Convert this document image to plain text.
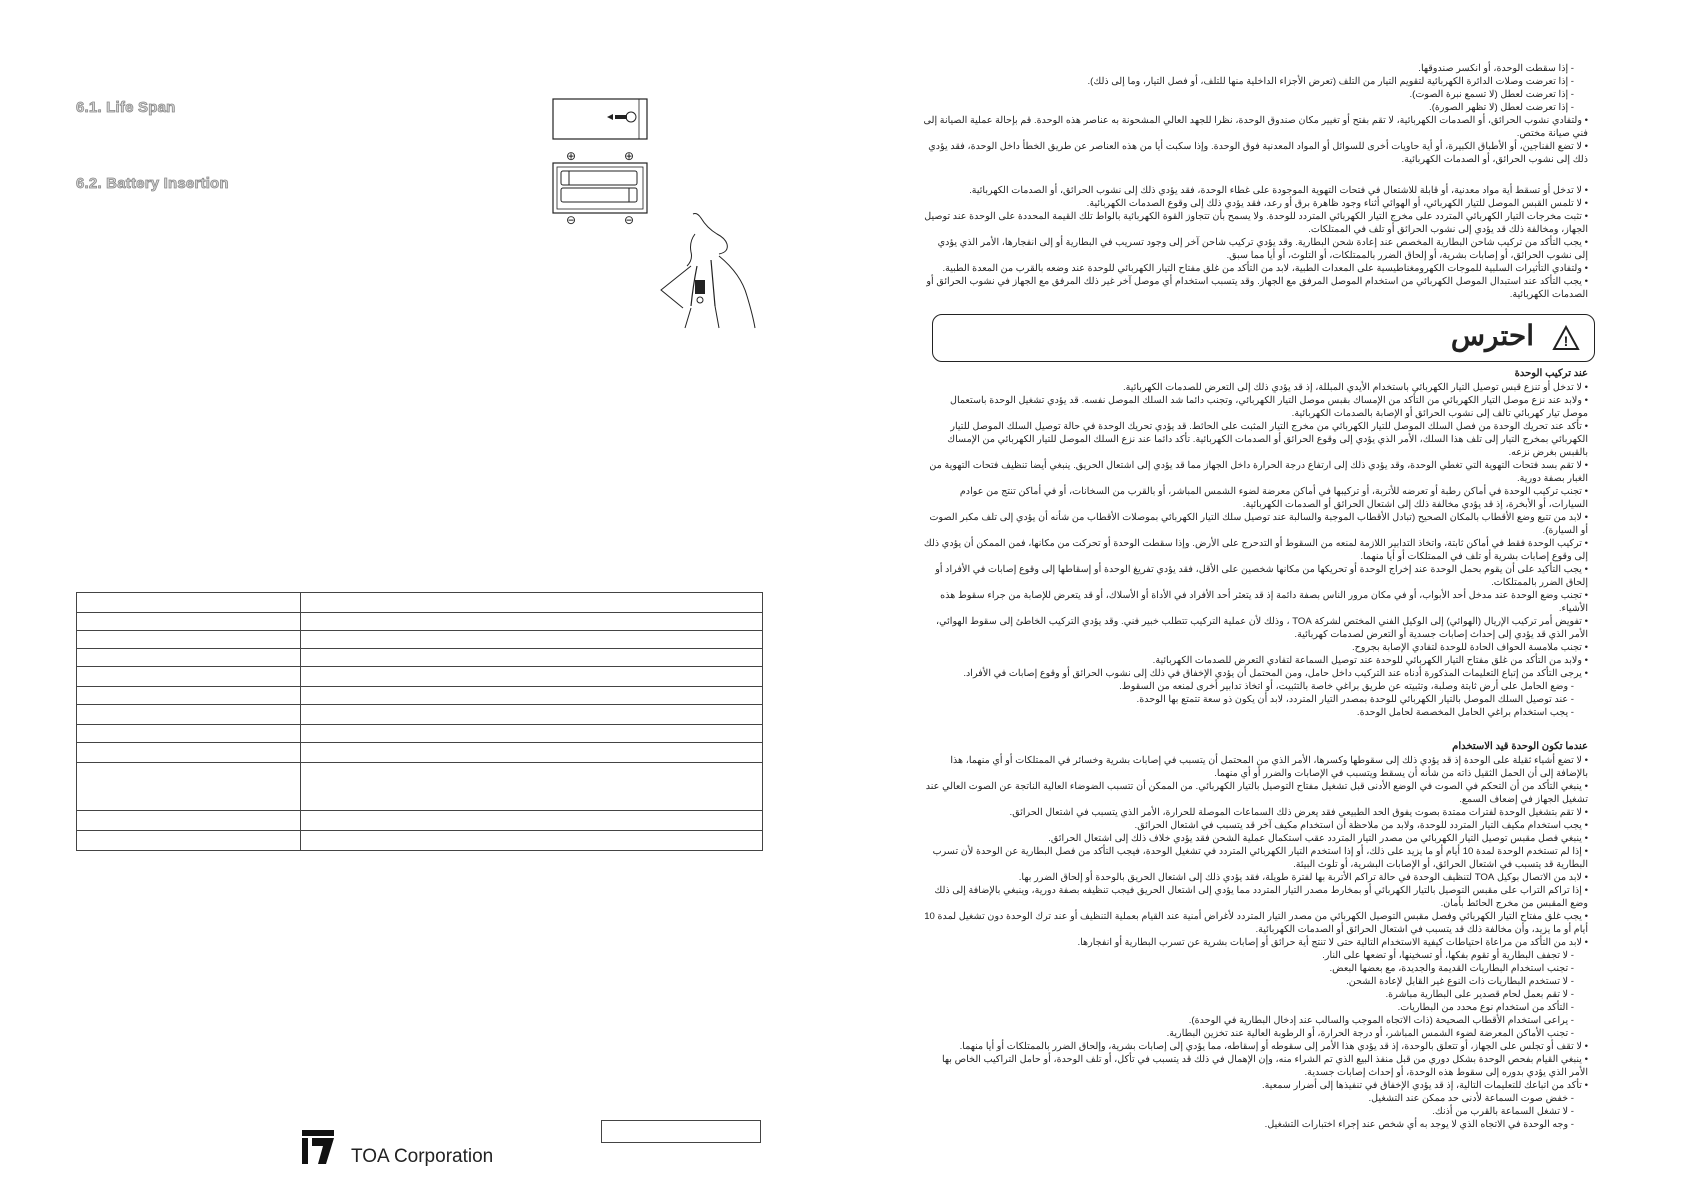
6.1. Life Span
6.2. Battery Insertion
⊕	⊕
⊖	⊖

TOA Corporation
- إذا سقطت الوحدة، أو انكسر صندوقها.
- إذا تعرضت وصلات الدائرة الكهربائية لتقويم التيار من التلف (تعرض الأجزاء الداخلية منها للتلف، أو فصل التيار، وما إلى ذلك).
- إذا تعرضت لعطل (لا تسمع نبرة الصوت).
- إذا تعرضت لعطل (لا تظهر الصورة).
• ولتفادي نشوب الحرائق، أو الصدمات الكهربائية، لا تقم بفتح أو تغيير مكان صندوق الوحدة، نظرا للجهد العالي المشحونة به عناصر هذه الوحدة. قم بإحالة عملية الصيانة إلى فني صيانة مختص.
• لا تضع الفناجين، أو الأطباق الكبيرة، أو أية حاويات أخرى للسوائل أو المواد المعدنية فوق الوحدة. وإذا سكبت أيا من هذه العناصر عن طريق الخطأ داخل الوحدة، فقد يؤدي ذلك إلى نشوب الحرائق، أو الصدمات الكهربائية.
• لا تدخل أو تسقط أية مواد معدنية، أو قابلة للاشتعال في فتحات التهوية الموجودة على غطاء الوحدة، فقد يؤدي ذلك إلى نشوب الحرائق، أو الصدمات الكهربائية.
• لا تلمس القبس الموصل للتيار الكهربائي، أو الهوائي أثناء وجود ظاهرة برق أو رعد، فقد يؤدي ذلك إلى وقوع الصدمات الكهربائية.
• تثبت مخرجات التيار الكهربائي المتردد على مخرج التيار الكهربائي المتردد للوحدة. ولا يسمح بأن تتجاوز القوة الكهربائية بالواط تلك القيمة المحددة على الوحدة عند توصيل الجهاز، ومخالفة ذلك قد يؤدي إلى نشوب الحرائق أو تلف في الممتلكات.
• يجب التأكد من تركيب شاحن البطارية المخصص عند إعادة شحن البطارية. وقد يؤدي تركيب شاحن آخر إلى وجود تسريب في البطارية أو إلى انفجارها، الأمر الذي يؤدي إلى نشوب الحرائق، أو إصابات بشرية، أو إلحاق الضرر بالممتلكات، أو التلوث، أو أيا مما سبق.
• ولتفادي التأثيرات السلبية للموجات الكهرومغناطيسية على المعدات الطبية، لابد من التأكد من غلق مفتاح التيار الكهربائي للوحدة عند وضعه بالقرب من المعدة الطبية.
• يجب التأكد عند استبدال الموصل الكهربائي من استخدام الموصل المرفق مع الجهاز. وقد يتسبب استخدام أي موصل آخر غير ذلك المرفق مع الجهاز في نشوب الحرائق أو الصدمات الكهربائية.
احترس !
عند تركيب الوحدة
• لا تدخل أو تنزع قبس توصيل التيار الكهربائي باستخدام الأيدي المبللة، إذ قد يؤدي ذلك إلى التعرض للصدمات الكهربائية.
• ولابد عند نزع موصل التيار الكهربائي من التأكد من الإمساك بقبس موصل التيار الكهربائي، وتجنب دائما شد السلك الموصل نفسه. قد يؤدي تشغيل الوحدة باستعمال موصل تيار كهربائي تالف إلى نشوب الحرائق أو الإصابة بالصدمات الكهربائية.
• تأكد عند تحريك الوحدة من فصل السلك الموصل للتيار الكهربائي من مخرج التيار المثبت على الحائط. قد يؤدي تحريك الوحدة في حالة توصيل السلك الموصل للتيار الكهربائي بمخرج التيار إلى تلف هذا السلك، الأمر الذي يؤدي إلى وقوع الحرائق أو الصدمات الكهربائية. تأكد دائما عند نزع السلك الموصل للتيار الكهربائي من الإمساك بالقبس بغرض نزعه.
• لا تقم بسد فتحات التهوية التي تغطي الوحدة، وقد يؤدي ذلك إلى ارتفاع درجة الحرارة داخل الجهاز مما قد يؤدي إلى اشتعال الحريق. ينبغي أيضا تنظيف فتحات التهوية من الغبار بصفة دورية.
• تجنب تركيب الوحدة في أماكن رطبة أو تعرضه للأتربة، أو تركيبها في أماكن معرضة لضوء الشمس المباشر، أو بالقرب من السخانات، أو في أماكن تنتج من عوادم السيارات، أو الأبخرة، إذ قد يؤدي مخالفة ذلك إلى اشتعال الحرائق أو الصدمات الكهربائية.
• لابد من تتبع وضع الأقطاب بالمكان الصحيح (تبادل الأقطاب الموجبة والسالبة عند توصيل سلك التيار الكهربائي بموصلات الأقطاب من شأنه أن يؤدي إلى تلف مكبر الصوت أو السيارة).
• تركيب الوحدة فقط في أماكن ثابتة، واتخاذ التدابير اللازمة لمنعه من السقوط أو التدحرج على الأرض. وإذا سقطت الوحدة أو تحركت من مكانها، فمن الممكن أن يؤدي ذلك إلى وقوع إصابات بشرية أو تلف في الممتلكات أو أيا منهما.
• يجب التأكيد على أن يقوم بحمل الوحدة عند إخراج الوحدة أو تحريكها من مكانها شخصين على الأقل، فقد يؤدي تفريغ الوحدة أو إسقاطها إلى وقوع إصابات في الأفراد أو إلحاق الضرر بالممتلكات.
• تجنب وضع الوحدة عند مدخل أحد الأبواب، أو في مكان مرور الناس بصفة دائمة إذ قد يتعثر أحد الأفراد في الأداة أو الأسلاك، أو قد يتعرض للإصابة من جراء سقوط هذه الأشياء.
• تفويض أمر تركيب الإريال (الهوائي) إلى الوكيل الفني المختص لشركة TOA ، وذلك لأن عملية التركيب تتطلب خبير فني. وقد يؤدي التركيب الخاطئ إلى سقوط الهوائي، الأمر الذي قد يؤدي إلى إحداث إصابات جسدية أو التعرض لصدمات كهربائية.
• تجنب ملامسة الحواف الحادة للوحدة لتفادي الإصابة بجروح.
• ولابد من التأكد من غلق مفتاح التيار الكهربائي للوحدة عند توصيل السماعة لتفادي التعرض للصدمات الكهربائية.
• يرجى التأكد من إتباع التعليمات المذكورة أدناه عند التركيب داخل حامل، ومن المحتمل أن يؤدي الإخفاق في ذلك إلى نشوب الحرائق أو وقوع إصابات في الأفراد.
- وضع الحامل على أرض ثابتة وصلبة، وتثبيته عن طريق براغي خاصة بالتثبيت، أو اتخاذ تدابير أخرى لمنعه من السقوط.
- عند توصيل السلك الموصل بالتيار الكهربائي للوحدة بمصدر التيار المتردد، لابد أن يكون ذو سعة تتمتع بها الوحدة.
- يجب استخدام براغي الحامل المخصصة لحامل الوحدة.
عندما تكون الوحدة قيد الاستخدام
• لا تضع أشياء ثقيلة على الوحدة إذ قد يؤدي ذلك إلى سقوطها وكسرها، الأمر الذي من المحتمل أن يتسبب في إصابات بشرية وخسائر في الممتلكات أو أي منهما، هذا بالإضافة إلى أن الحمل الثقيل ذاته من شأنه أن يسقط ويتسبب في الإصابات والضرر أو أي منهما.
• ينبغي التأكد من أن التحكم في الصوت في الوضع الأدنى قبل تشغيل مفتاح التوصيل بالتيار الكهربائي. من الممكن أن تتسبب الضوضاء العالية الناتجة عن الصوت العالي عند تشغيل الجهاز في إضعاف السمع.
• لا تقم بتشغيل الوحدة لفترات ممتدة بصوت يفوق الحد الطبيعي فقد يعرض ذلك السماعات الموصلة للحرارة، الأمر الذي يتسبب في اشتعال الحرائق.
• يجب استخدام مكيف التيار المتردد للوحدة، ولابد من ملاحظة أن استخدام مكيف آخر قد يتسبب في اشتعال الحرائق.
• ينبغي فصل مقبس توصيل التيار الكهربائي من مصدر التيار المتردد عقب استكمال عملية الشحن فقد يؤدي خلاف ذلك إلى اشتعال الحرائق.
• إذا لم تستخدم الوحدة لمدة 10 أيام أو ما يزيد على ذلك، أو إذا استخدم التيار الكهربائي المتردد في تشغيل الوحدة، فيجب التأكد من فصل البطارية عن الوحدة لأن تسرب البطارية قد يتسبب في اشتعال الحرائق، أو الإصابات البشرية، أو تلوث البيئة.
• لابد من الاتصال بوكيل TOA لتنظيف الوحدة في حالة تراكم الأتربة بها لفترة طويلة، فقد يؤدي ذلك إلى اشتعال الحريق بالوحدة أو إلحاق الضرر بها.
• إذا تراكم التراب على مقبس التوصيل بالتيار الكهربائي أو بمخارط مصدر التيار المتردد مما يؤدي إلى اشتعال الحريق فيجب تنظيفه بصفة دورية، وينبغي بالإضافة إلى ذلك وضع المقبس من مخرج الحائط بأمان.
• يجب غلق مفتاح التيار الكهربائي وفصل مقبس التوصيل الكهربائي من مصدر التيار المتردد لأغراض أمنية عند القيام بعملية التنظيف أو عند ترك الوحدة دون تشغيل لمدة 10 أيام أو ما يزيد، وأن مخالفة ذلك قد يتسبب في اشتعال الحرائق أو الصدمات الكهربائية.
• لابد من التأكد من مراعاة احتياطات كيفية الاستخدام التالية حتى لا تنتج أية حرائق أو إصابات بشرية عن تسرب البطارية أو انفجارها.
- لا تجفف البطارية أو تقوم بفكها، أو تسخينها، أو تضعها على النار.
- تجنب استخدام البطاريات القديمة والجديدة، مع بعضها البعض.
- لا تستخدم البطاريات ذات النوع غير القابل لإعادة الشحن.
- لا تقم بعمل لحام قصدير على البطارية مباشرة.
- التأكد من استخدام نوع محدد من البطاريات.
- يراعى استخدام الأقطاب الصحيحة (ذات الاتجاه الموجب والسالب عند إدخال البطارية في الوحدة).
- تجنب الأماكن المعرضة لضوء الشمس المباشر، أو درجة الحرارة، أو الرطوبة العالية عند تخزين البطارية.
• لا تقف أو تجلس على الجهاز، أو تتعلق بالوحدة، إذ قد يؤدي هذا الأمر إلى سقوطه أو إسقاطه، مما يؤدي إلى إصابات بشرية، وإلحاق الضرر بالممتلكات أو أيا منهما.
• ينبغي القيام بفحص الوحدة بشكل دوري من قبل منفذ البيع الذي تم الشراء منه، وإن الإهمال في ذلك قد يتسبب في تأكل، أو تلف الوحدة، أو حامل التراكيب الخاص بها الأمر الذي يؤدي بدوره إلى سقوط هذه الوحدة، أو إحداث إصابات جسدية.
• تأكد من اتباعك للتعليمات التالية، إذ قد يؤدي الإخفاق في تنفيذها إلى أضرار سمعية.
- خفض صوت السماعة لأدنى حد ممكن عند التشغيل.
- لا تشغل السماعة بالقرب من أذنك.
- وجه الوحدة في الاتجاه الذي لا يوجد به أي شخص عند إجراء اختبارات التشغيل.
